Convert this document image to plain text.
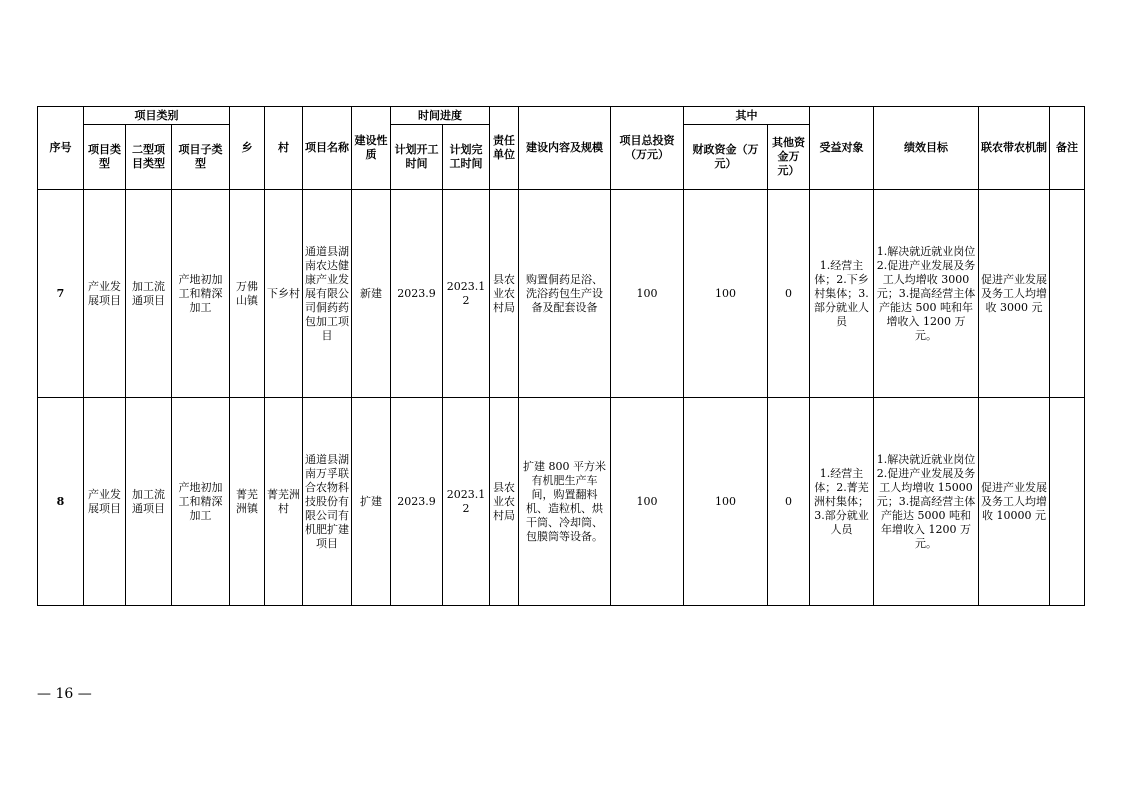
序号	项目类别			乡	村	项目名称	建设性质	时间进度		责任单位	建设内容及规模	项目总投资（万元）	其中		受益对象	绩效目标	联农带农机制	备注
	项目类型	二型项目类型	项目子类型					计划开工时间	计划完工时间				财政资金（万元）	其他资金万元）				
7	产业发展项目	加工流通项目	产地初加工和精深加工	万佛山镇	下乡村	通道县湖南农达健康产业发展有限公司侗药药包加工项目	新建	2023.9	2023.12	县农业农村局	购置侗药足浴、洗浴药包生产设备及配套设备	100	100	0	1.经营主体；2.下乡村集体；3.部分就业人员	1.解决就近就业岗位 2.促进产业发展及务工人均增收 3000 元；3.提高经营主体产能达 500 吨和年增收入 1200 万元。	促进产业发展及务工人均增收 3000 元	
8	产业发展项目	加工流通项目	产地初加工和精深加工	菁芜洲镇	菁芜洲村	通道县湖南万孚联合农物科技股份有限公司有机肥扩建项目	扩建	2023.9	2023.12	县农业农村局	扩建 800 平方米有机肥生产车间，购置翻料机、造粒机、烘干筒、冷却筒、包膜筒等设备。	100	100	0	1.经营主体；2.菁芜洲村集体；3.部分就业人员	1.解决就近就业岗位 2.促进产业发展及务工人均增收 15000 元；3.提高经营主体产能达 5000 吨和年增收入 1200 万元。	促进产业发展及务工人均增收 10000 元	
— 16 —
